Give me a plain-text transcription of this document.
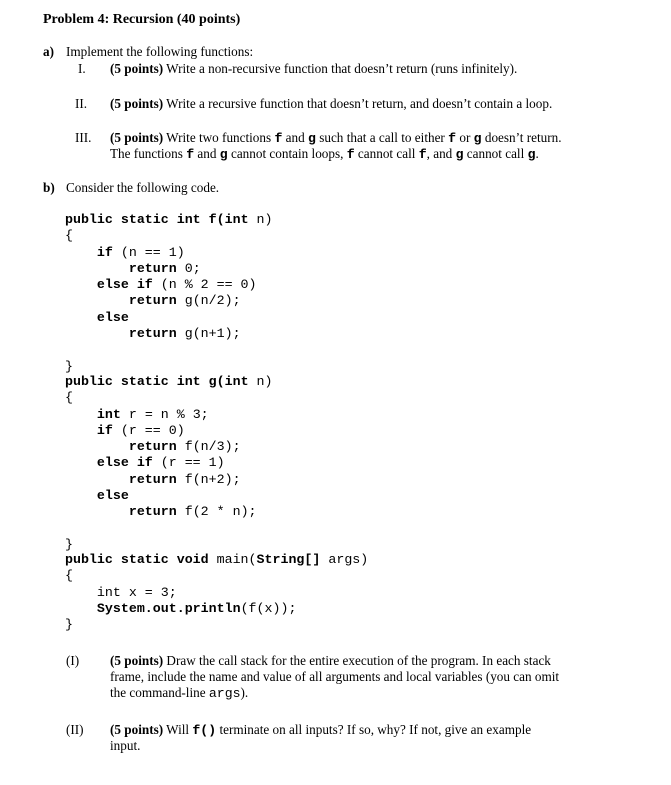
Problem 4: Recursion (40 points)
a) Implement the following functions:
I. (5 points) Write a non-recursive function that doesn’t return (runs infinitely).
II. (5 points) Write a recursive function that doesn’t return, and doesn’t contain a loop.
III. (5 points) Write two functions f and g such that a call to either f or g doesn’t return.
The functions f and g cannot contain loops, f cannot call f, and g cannot call g.
b) Consider the following code.
public static int f(int n)
{
if (n == 1)
return 0;
else if (n % 2 == 0)
return g(n/2);
else
return g(n+1);

}
public static int g(int n)
{
int r = n % 3;
if (r == 0)
return f(n/3);
else if (r == 1)
return f(n+2);
else
return f(2 * n);

}
public static void main(String[] args)
{
int x = 3;
System.out.println(f(x));
}
(I) (5 points) Draw the call stack for the entire execution of the program. In each stack
frame, include the name and value of all arguments and local variables (you can omit
the command-line args).
(II) (5 points) Will f() terminate on all inputs? If so, why? If not, give an example
input.
